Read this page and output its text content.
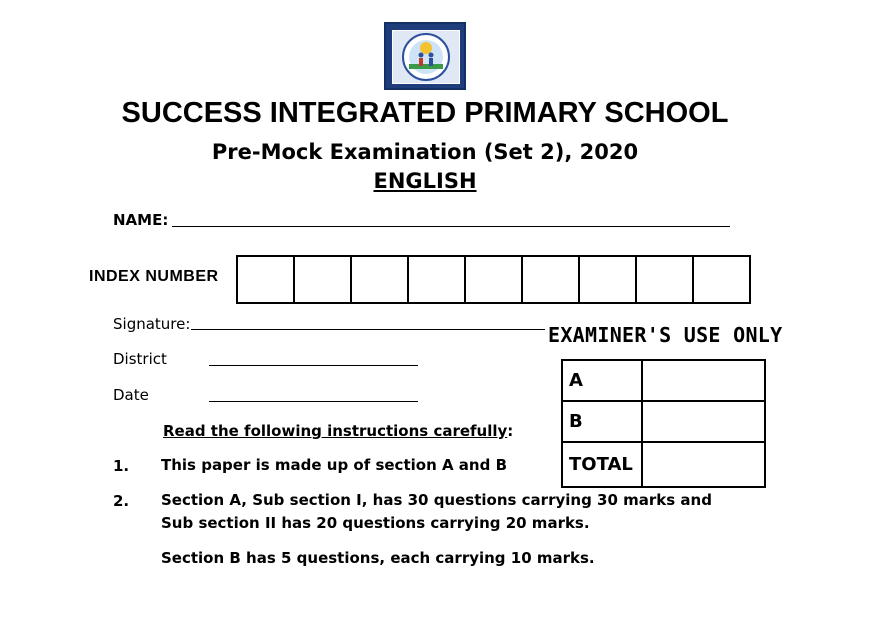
SUCCESS INTEGRATED PRIMARY SCHOOL
Pre-Mock Examination (Set 2), 2020
ENGLISH
NAME:
INDEX NUMBER
Signature:
District
Date
EXAMINER'S USE ONLY
A	
B	
TOTAL	
Read the following instructions carefully:
1. This paper is made up of section A and B
2. Section A, Sub section I, has 30 questions carrying 30 marks and Sub section II has 20 questions carrying 20 marks.
Section B has 5 questions, each carrying 10 marks.
